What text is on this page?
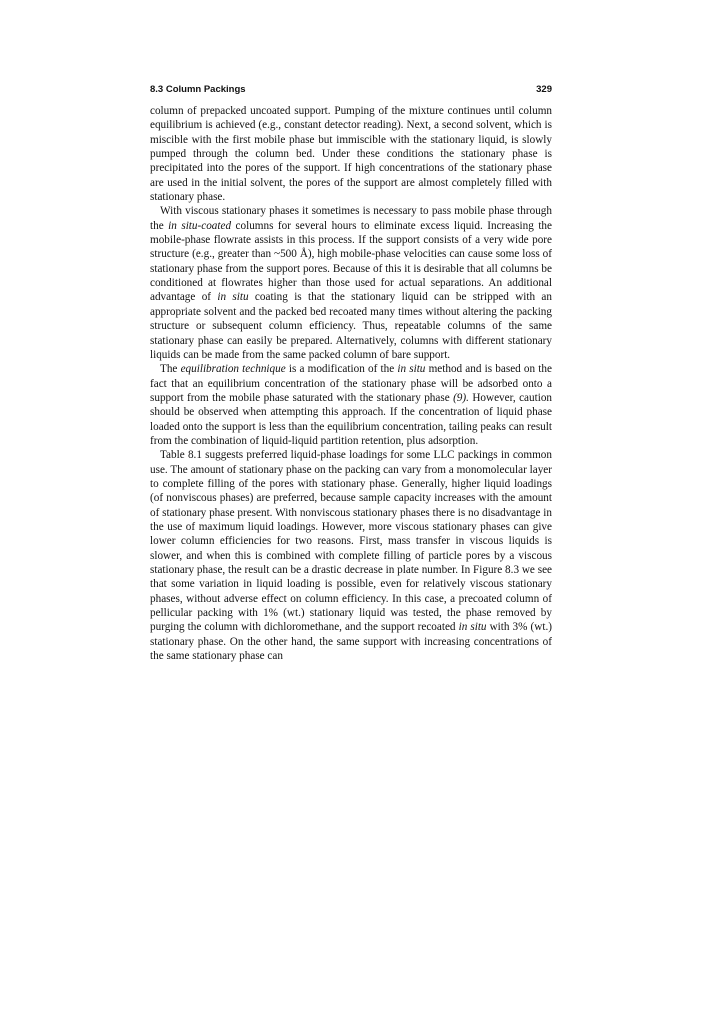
8.3 Column Packings	329

column of prepacked uncoated support. Pumping of the mixture continues until column equilibrium is achieved (e.g., constant detector reading). Next, a second solvent, which is miscible with the first mobile phase but immiscible with the stationary liquid, is slowly pumped through the column bed. Under these conditions the stationary phase is precipitated into the pores of the support. If high concentrations of the stationary phase are used in the initial solvent, the pores of the support are almost completely filled with stationary phase.

With viscous stationary phases it sometimes is necessary to pass mobile phase through the in situ-coated columns for several hours to eliminate excess liquid. Increasing the mobile-phase flowrate assists in this process. If the support consists of a very wide pore structure (e.g., greater than ~500 Å), high mobile-phase velocities can cause some loss of stationary phase from the support pores. Because of this it is desirable that all columns be conditioned at flowrates higher than those used for actual separations. An additional advantage of in situ coating is that the stationary liquid can be stripped with an appropriate solvent and the packed bed recoated many times without altering the packing structure or subsequent column efficiency. Thus, repeatable columns of the same stationary phase can easily be prepared. Alternatively, columns with different stationary liquids can be made from the same packed column of bare support.

The equilibration technique is a modification of the in situ method and is based on the fact that an equilibrium concentration of the stationary phase will be adsorbed onto a support from the mobile phase saturated with the stationary phase (9). However, caution should be observed when attempting this approach. If the concentration of liquid phase loaded onto the support is less than the equilibrium concentration, tailing peaks can result from the combination of liquid-liquid partition retention, plus adsorption.

Table 8.1 suggests preferred liquid-phase loadings for some LLC packings in common use. The amount of stationary phase on the packing can vary from a monomolecular layer to complete filling of the pores with stationary phase. Generally, higher liquid loadings (of nonviscous phases) are preferred, because sample capacity increases with the amount of stationary phase present. With nonviscous stationary phases there is no disadvantage in the use of maximum liquid loadings. However, more viscous stationary phases can give lower column efficiencies for two reasons. First, mass transfer in viscous liquids is slower, and when this is combined with complete filling of particle pores by a viscous stationary phase, the result can be a drastic decrease in plate number. In Figure 8.3 we see that some variation in liquid loading is possible, even for relatively viscous stationary phases, without adverse effect on column efficiency. In this case, a precoated column of pellicular packing with 1% (wt.) stationary liquid was tested, the phase removed by purging the column with dichloromethane, and the support recoated in situ with 3% (wt.) stationary phase. On the other hand, the same support with increasing concentrations of the same stationary phase can
